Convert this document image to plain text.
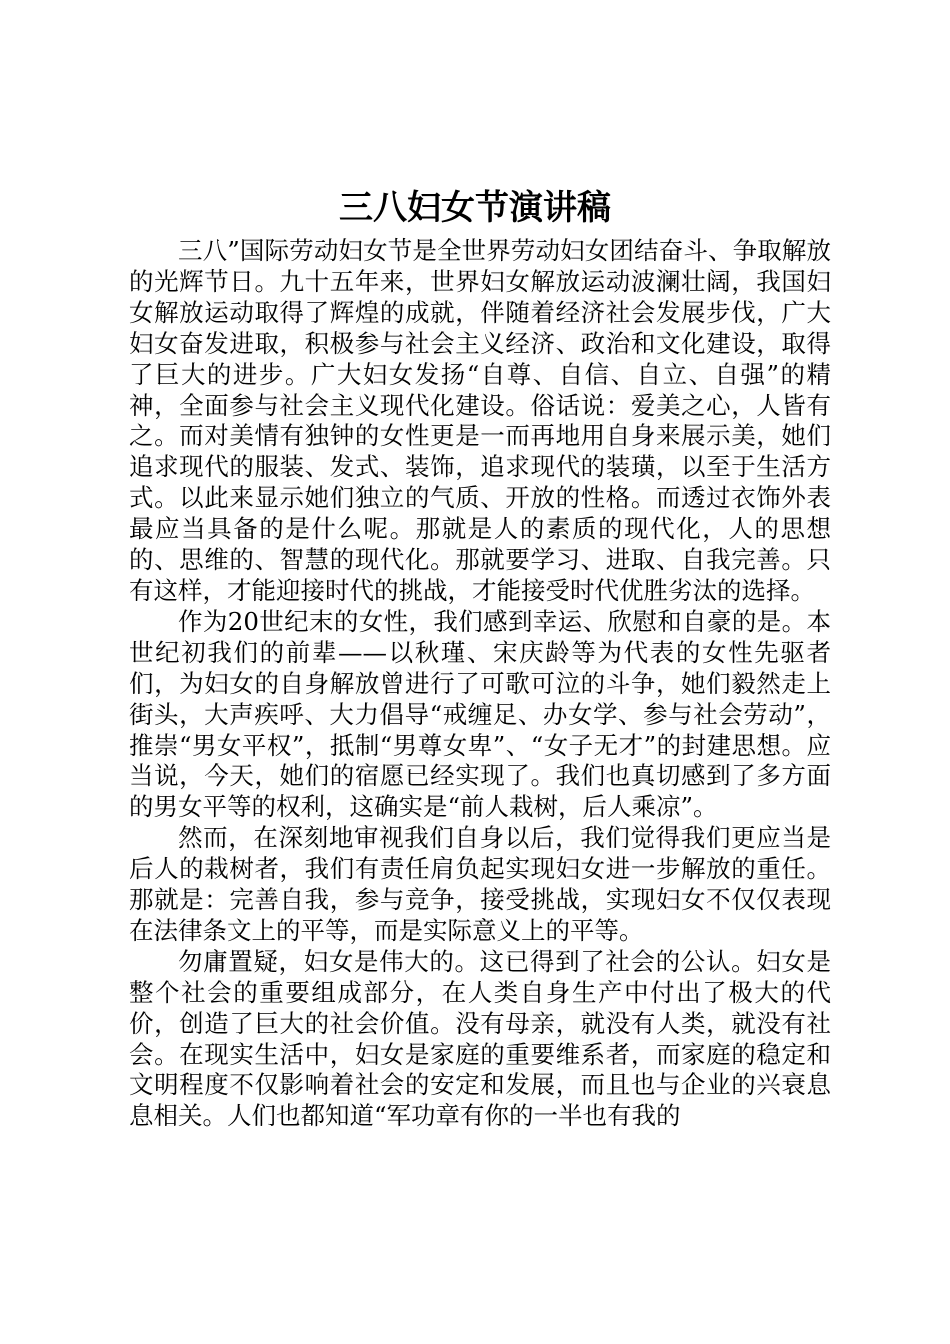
三八妇女节演讲稿

三八”国际劳动妇女节是全世界劳动妇女团结奋斗、争取解放的光辉节日。九十五年来，世界妇女解放运动波澜壮阔，我国妇女解放运动取得了辉煌的成就，伴随着经济社会发展步伐，广大妇女奋发进取，积极参与社会主义经济、政治和文化建设，取得了巨大的进步。广大妇女发扬“自尊、自信、自立、自强”的精神，全面参与社会主义现代化建设。俗话说：爱美之心，人皆有之。而对美情有独钟的女性更是一而再地用自身来展示美，她们追求现代的服装、发式、装饰，追求现代的装璜，以至于生活方式。以此来显示她们独立的气质、开放的性格。而透过衣饰外表最应当具备的是什么呢。那就是人的素质的现代化，人的思想的、思维的、智慧的现代化。那就要学习、进取、自我完善。只有这样，才能迎接时代的挑战，才能接受时代优胜劣汰的选择。

作为20世纪末的女性，我们感到幸运、欣慰和自豪的是。本世纪初我们的前辈——以秋瑾、宋庆龄等为代表的女性先驱者们，为妇女的自身解放曾进行了可歌可泣的斗争，她们毅然走上街头，大声疾呼、大力倡导“戒缠足、办女学、参与社会劳动”，推崇“男女平权”，抵制“男尊女卑”、“女子无才”的封建思想。应当说，今天，她们的宿愿已经实现了。我们也真切感到了多方面的男女平等的权利，这确实是“前人栽树，后人乘凉”。

然而，在深刻地审视我们自身以后，我们觉得我们更应当是后人的栽树者，我们有责任肩负起实现妇女进一步解放的重任。那就是：完善自我，参与竞争，接受挑战，实现妇女不仅仅表现在法律条文上的平等，而是实际意义上的平等。

勿庸置疑，妇女是伟大的。这已得到了社会的公认。妇女是整个社会的重要组成部分，在人类自身生产中付出了极大的代价，创造了巨大的社会价值。没有母亲，就没有人类，就没有社会。在现实生活中，妇女是家庭的重要维系者，而家庭的稳定和文明程度不仅影响着社会的安定和发展，而且也与企业的兴衰息息相关。人们也都知道“军功章有你的一半也有我的
